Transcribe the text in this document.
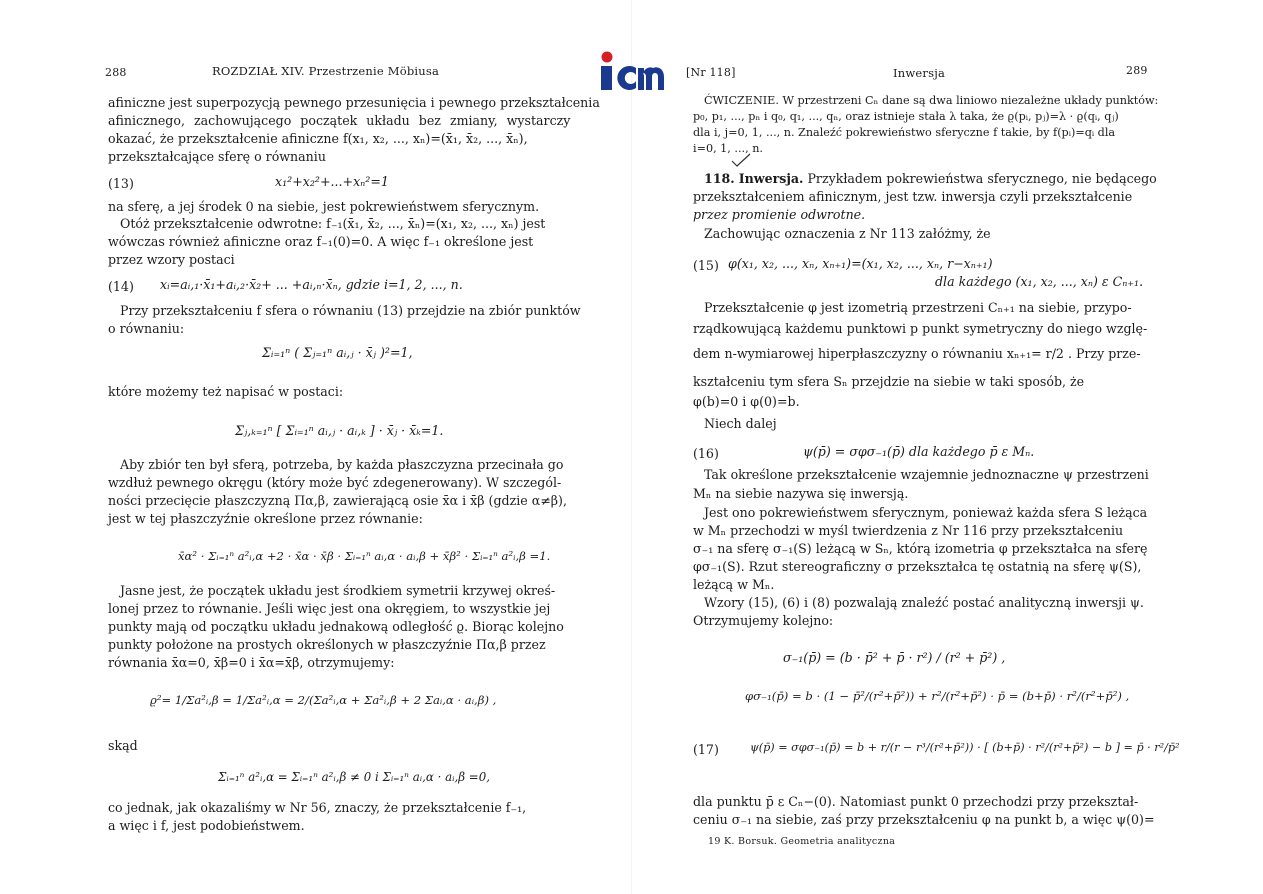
288	ROZDZIAŁ XIV. Przestrzenie Möbiusa
afiniczne jest superpozycją pewnego przesunięcia i pewnego przekształcenia
afinicznego, zachowującego początek układu bez zmiany, wystarczy
okazać, że przekształcenie afiniczne f(x₁, x₂, ..., xₙ)=(x̄₁, x̄₂, ..., x̄ₙ),
przekształcające sferę o równaniu
(13)	x₁²+x₂²+...+xₙ²=1
na sferę, a jej środek 0 na siebie, jest pokrewieństwem sferycznym.
Otóż przekształcenie odwrotne: f₋₁(x̄₁, x̄₂, ..., x̄ₙ)=(x₁, x₂, ..., xₙ) jest
wówczas również afiniczne oraz f₋₁(0)=0. A więc f₋₁ określone jest
przez wzory postaci
(14) xᵢ=aᵢ,₁·x̄₁+aᵢ,₂·x̄₂+ ... +aᵢ,ₙ·x̄ₙ, gdzie i=1, 2, ..., n.
Przy przekształceniu f sfera o równaniu (13) przejdzie na zbiór punktów
o równaniu:
Σᵢ₌₁ⁿ ( Σⱼ₌₁ⁿ aᵢ,ⱼ · x̄ⱼ )²=1,
które możemy też napisać w postaci:
Σⱼ,ₖ₌₁ⁿ [ Σᵢ₌₁ⁿ aᵢ,ⱼ · aᵢ,ₖ ] · x̄ⱼ · x̄ₖ=1.
Aby zbiór ten był sferą, potrzeba, by każda płaszczyzna przecinała go
wzdłuż pewnego okręgu (który może być zdegenerowany). W szczegól-
ności przecięcie płaszczyzną Πα,β, zawierającą osie x̄α i x̄β (gdzie α≠β),
jest w tej płaszczyźnie określone przez równanie:
x̄α² · Σᵢ₌₁ⁿ a²ᵢ,α +2 · x̄α · x̄β · Σᵢ₌₁ⁿ aᵢ,α · aᵢ,β + x̄β² · Σᵢ₌₁ⁿ a²ᵢ,β =1.
Jasne jest, że początek układu jest środkiem symetrii krzywej okreś-
lonej przez to równanie. Jeśli więc jest ona okręgiem, to wszystkie jej
punkty mają od początku układu jednakową odległość ϱ. Biorąc kolejno
punkty położone na prostych określonych w płaszczyźnie Πα,β przez
równania x̄α=0, x̄β=0 i x̄α=x̄β, otrzymujemy:
ϱ²= 1/Σa²ᵢ,β = 1/Σa²ᵢ,α = 2/(Σa²ᵢ,α + Σa²ᵢ,β + 2 Σaᵢ,α · aᵢ,β) ,
skąd
Σᵢ₌₁ⁿ a²ᵢ,α = Σᵢ₌₁ⁿ a²ᵢ,β ≠ 0 i Σᵢ₌₁ⁿ aᵢ,α · aᵢ,β =0,
co jednak, jak okazaliśmy w Nr 56, znaczy, że przekształcenie f₋₁,
a więc i f, jest podobieństwem.
[Nr 118]	Inwersja	289
ĆWICZENIE. W przestrzeni Cₙ dane są dwa liniowo niezależne układy punktów:
p₀, p₁, ..., pₙ i q₀, q₁, ..., qₙ, oraz istnieje stała λ taka, że ϱ(pᵢ, pⱼ)=λ · ϱ(qᵢ, qⱼ)
dla i, j=0, 1, ..., n. Znaleźć pokrewieństwo sferyczne f takie, by f(pᵢ)=qᵢ dla
i=0, 1, ..., n.
118. Inwersja. Przykładem pokrewieństwa sferycznego, nie będącego
przekształceniem afinicznym, jest tzw. inwersja czyli przekształcenie
przez promienie odwrotne.
Zachowując oznaczenia z Nr 113 załóżmy, że
(15) φ(x₁, x₂, ..., xₙ, xₙ₊₁)=(x₁, x₂, ..., xₙ, r−xₙ₊₁)
dla każdego (x₁, x₂, ..., xₙ) ε Cₙ₊₁.
Przekształcenie φ jest izometrią przestrzeni Cₙ₊₁ na siebie, przypo-
rządkowującą każdemu punktowi p punkt symetryczny do niego wzglę-
dem n-wymiarowej hiperpłaszczyzny o równaniu xₙ₊₁= r/2 . Przy prze-
kształceniu tym sfera Sₙ przejdzie na siebie w taki sposób, że
φ(b)=0 i φ(0)=b.
Niech dalej
(16)	ψ(p̄) = σφσ₋₁(p̄) dla każdego p̄ ε Mₙ.
Tak określone przekształcenie wzajemnie jednoznaczne ψ przestrzeni
Mₙ na siebie nazywa się inwersją.
Jest ono pokrewieństwem sferycznym, ponieważ każda sfera S leżąca
w Mₙ przechodzi w myśl twierdzenia z Nr 116 przy przekształceniu
σ₋₁ na sferę σ₋₁(S) leżącą w Sₙ, którą izometria φ przekształca na sferę
φσ₋₁(S). Rzut stereograficzny σ przekształca tę ostatnią na sferę ψ(S),
leżącą w Mₙ.
Wzory (15), (6) i (8) pozwalają znaleźć postać analityczną inwersji ψ.
Otrzymujemy kolejno:
σ₋₁(p̄) = (b · p̄² + p̄ · r²) / (r² + p̄²) ,
φσ₋₁(p̄) = b · (1 − p̄²/(r²+p̄²)) + r²/(r²+p̄²) · p̄ = (b+p̄) · r²/(r²+p̄²) ,
(17)	ψ(p̄) = σφσ₋₁(p̄) = b + r/(r − r³/(r²+p̄²)) · [ (b+p̄) · r²/(r²+p̄²) − b ] = p̄ · r²/p̄²
dla punktu p̄ ε Cₙ−(0). Natomiast punkt 0 przechodzi przy przekształ-
ceniu σ₋₁ na siebie, zaś przy przekształceniu φ na punkt b, a więc ψ(0)=
19 K. Borsuk. Geometria analityczna
